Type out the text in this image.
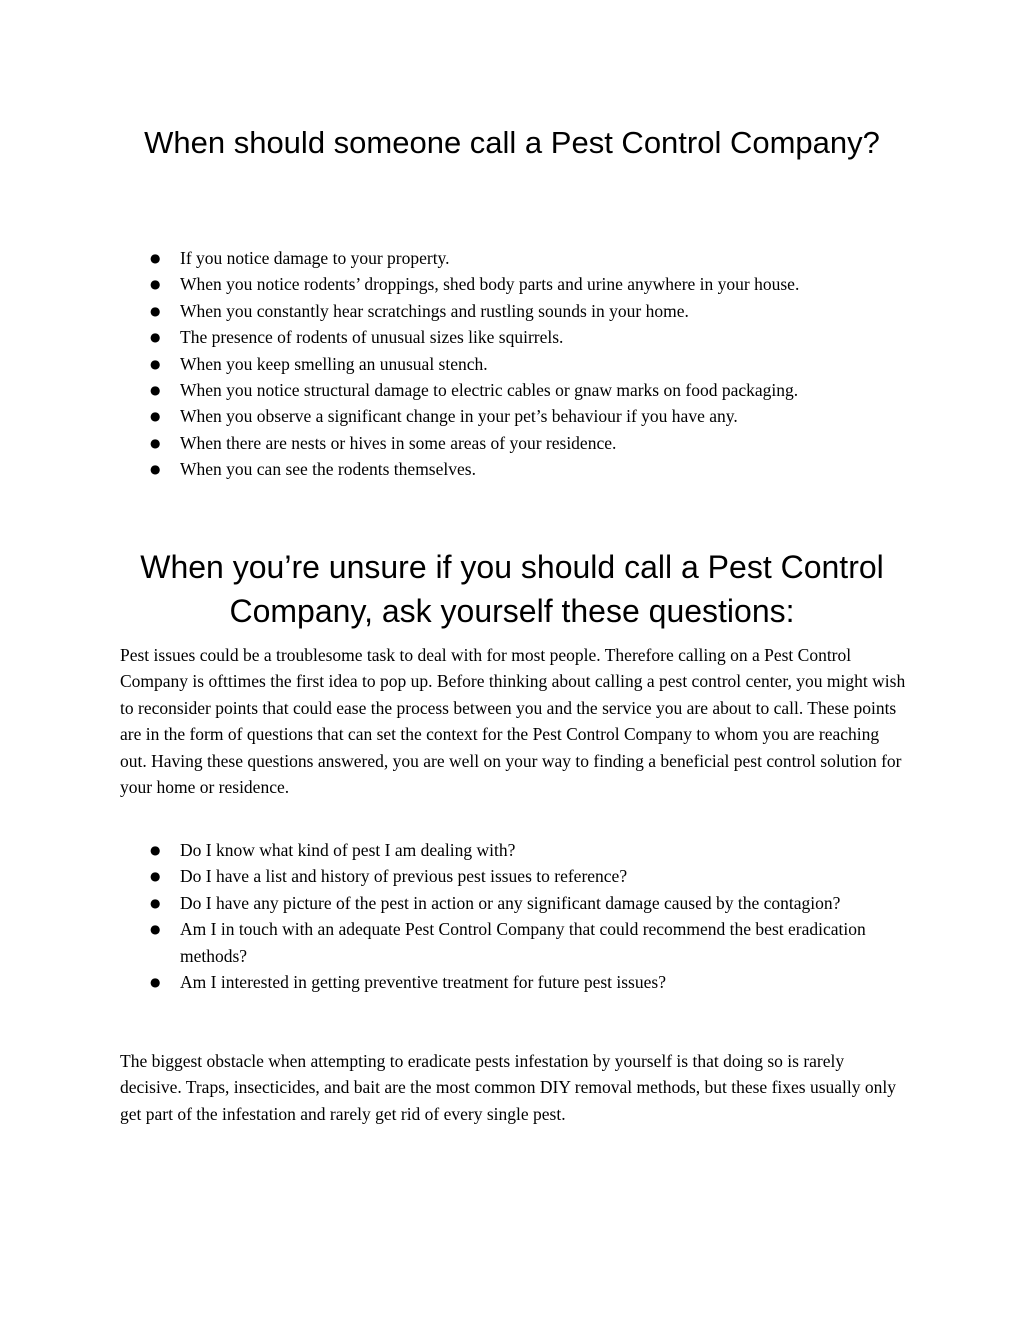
When should someone call a Pest Control Company?
● If you notice damage to your property.
● When you notice rodents’ droppings, shed body parts and urine anywhere in your house.
● When you constantly hear scratchings and rustling sounds in your home.
● The presence of rodents of unusual sizes like squirrels.
● When you keep smelling an unusual stench.
● When you notice structural damage to electric cables or gnaw marks on food packaging.
● When you observe a significant change in your pet’s behaviour if you have any.
● When there are nests or hives in some areas of your residence.
● When you can see the rodents themselves.
When you’re unsure if you should call a Pest Control Company, ask yourself these questions:

Pest issues could be a troublesome task to deal with for most people. Therefore calling on a Pest Control Company is ofttimes the first idea to pop up. Before thinking about calling a pest control center, you might wish to reconsider points that could ease the process between you and the service you are about to call. These points are in the form of questions that can set the context for the Pest Control Company to whom you are reaching out. Having these questions answered, you are well on your way to finding a beneficial pest control solution for your home or residence.

● Do I know what kind of pest I am dealing with?
● Do I have a list and history of previous pest issues to reference?
● Do I have any picture of the pest in action or any significant damage caused by the contagion?
● Am I in touch with an adequate Pest Control Company that could recommend the best eradication methods?
● Am I interested in getting preventive treatment for future pest issues?

The biggest obstacle when attempting to eradicate pests infestation by yourself is that doing so is rarely decisive. Traps, insecticides, and bait are the most common DIY removal methods, but these fixes usually only get part of the infestation and rarely get rid of every single pest.
